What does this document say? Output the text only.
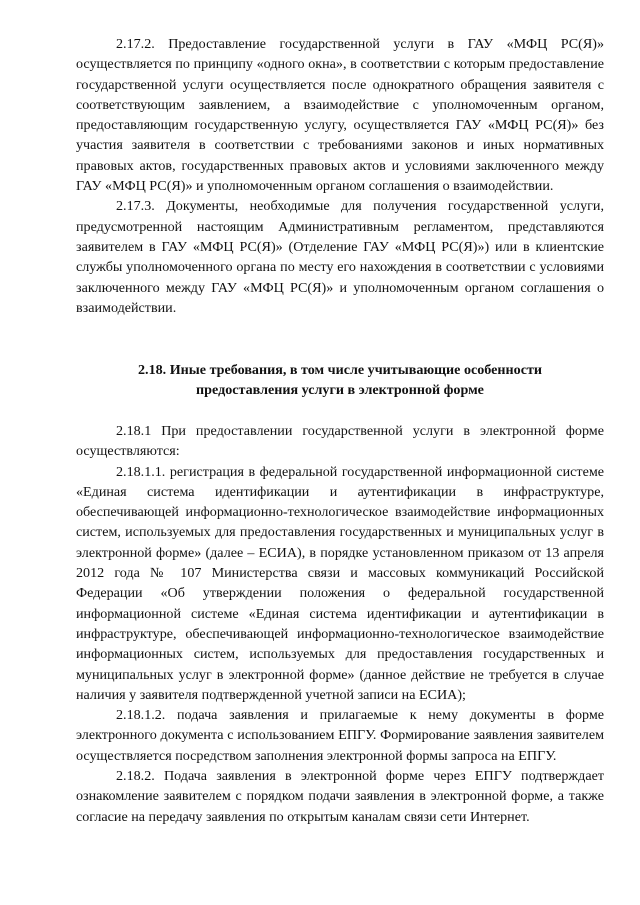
2.17.2. Предоставление государственной услуги в ГАУ «МФЦ РС(Я)» осуществляется по принципу «одного окна», в соответствии с которым предоставление государственной услуги осуществляется после однократного обращения заявителя с соответствующим заявлением, а взаимодействие с уполномоченным органом, предоставляющим государственную услугу, осуществляется ГАУ «МФЦ РС(Я)» без участия заявителя в соответствии с требованиями законов и иных нормативных правовых актов, государственных правовых актов и условиями заключенного между ГАУ «МФЦ РС(Я)» и уполномоченным органом соглашения о взаимодействии.

2.17.3. Документы, необходимые для получения государственной услуги, предусмотренной настоящим Административным регламентом, представляются заявителем в ГАУ «МФЦ РС(Я)» (Отделение ГАУ «МФЦ РС(Я)») или в клиентские службы уполномоченного органа по месту его нахождения в соответствии с условиями заключенного между ГАУ «МФЦ РС(Я)» и уполномоченным органом соглашения о взаимодействии.

2.18. Иные требования, в том числе учитывающие особенности
предоставления услуги в электронной форме

2.18.1 При предоставлении государственной услуги в электронной форме осуществляются:

2.18.1.1. регистрация в федеральной государственной информационной системе «Единая система идентификации и аутентификации в инфраструктуре, обеспечивающей информационно-технологическое взаимодействие информационных систем, используемых для предоставления государственных и муниципальных услуг в электронной форме» (далее – ЕСИА), в порядке установленном приказом от 13 апреля 2012 года № 107 Министерства связи и массовых коммуникаций Российской Федерации «Об утверждении положения о федеральной государственной информационной системе «Единая система идентификации и аутентификации в инфраструктуре, обеспечивающей информационно-технологическое взаимодействие информационных систем, используемых для предоставления государственных и муниципальных услуг в электронной форме» (данное действие не требуется в случае наличия у заявителя подтвержденной учетной записи на ЕСИА);

2.18.1.2. подача заявления и прилагаемые к нему документы в форме электронного документа с использованием ЕПГУ. Формирование заявления заявителем осуществляется посредством заполнения электронной формы запроса на ЕПГУ.

2.18.2. Подача заявления в электронной форме через ЕПГУ подтверждает ознакомление заявителем с порядком подачи заявления в электронной форме, а также согласие на передачу заявления по открытым каналам связи сети Интернет.
